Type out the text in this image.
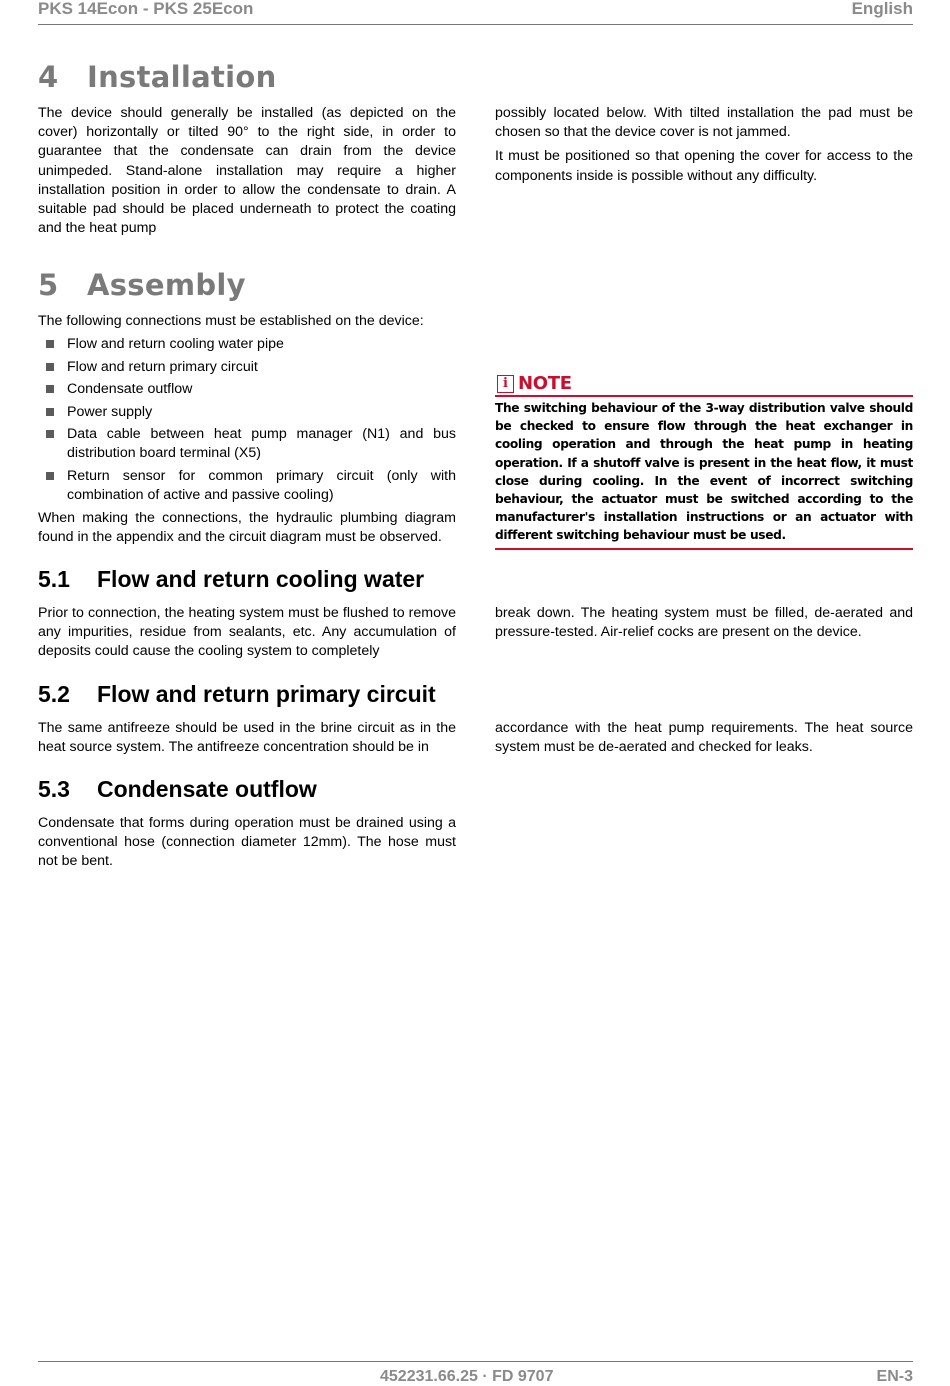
PKS 14Econ - PKS 25Econ	English
4 Installation

The device should generally be installed (as depicted on the cover) horizontally or tilted 90° to the right side, in order to guarantee that the condensate can drain from the device unimpeded. Stand-alone installation may require a higher installation position in order to allow the condensate to drain. A suitable pad should be placed underneath to protect the coating and the heat pump

possibly located below. With tilted installation the pad must be chosen so that the device cover is not jammed.

It must be positioned so that opening the cover for access to the components inside is possible without any difficulty.

5 Assembly

The following connections must be established on the device:

Flow and return cooling water pipe
Flow and return primary circuit
Condensate outflow
Power supply
Data cable between heat pump manager (N1) and bus distribution board terminal (X5)
Return sensor for common primary circuit (only with combination of active and passive cooling)

When making the connections, the hydraulic plumbing diagram found in the appendix and the circuit diagram must be observed.

i NOTE
The switching behaviour of the 3-way distribution valve should be checked to ensure flow through the heat exchanger in cooling operation and through the heat pump in heating operation. If a shutoff valve is present in the heat flow, it must close during cooling. In the event of incorrect switching behaviour, the actuator must be switched according to the manufacturer's installation instructions or an actuator with different switching behaviour must be used.
5.1 Flow and return cooling water

Prior to connection, the heating system must be flushed to remove any impurities, residue from sealants, etc. Any accumulation of deposits could cause the cooling system to completely

break down. The heating system must be filled, de-aerated and pressure-tested. Air-relief cocks are present on the device.

5.2 Flow and return primary circuit

The same antifreeze should be used in the brine circuit as in the heat source system. The antifreeze concentration should be in

accordance with the heat pump requirements. The heat source system must be de-aerated and checked for leaks.

5.3 Condensate outflow

Condensate that forms during operation must be drained using a conventional hose (connection diameter 12mm). The hose must not be bent.

452231.66.25 · FD 9707	EN-3
